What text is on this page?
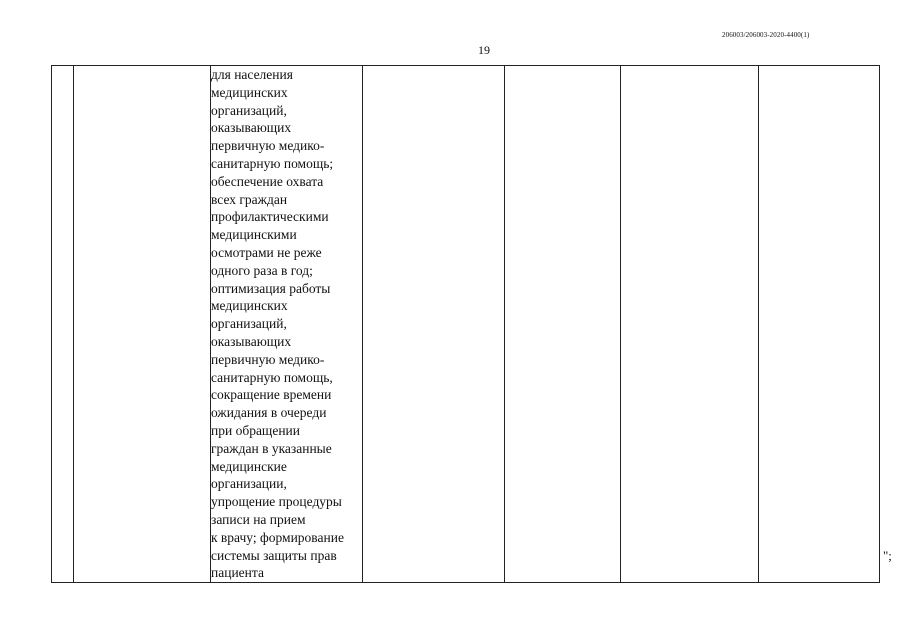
206003/206003-2020-4400(1)
19

для населения
медицинских
организаций,
оказывающих
первичную медико-
санитарную помощь;
обеспечение охвата
всех граждан
профилактическими
медицинскими
осмотрами не реже
одного раза в год;
оптимизация работы
медицинских
организаций,
оказывающих
первичную медико-
санитарную помощь,
сокращение времени
ожидания в очереди
при обращении
граждан в указанные
медицинские
организации,
упрощение процедуры
записи на прием
к врачу; формирование
системы защиты прав
пациента

";
